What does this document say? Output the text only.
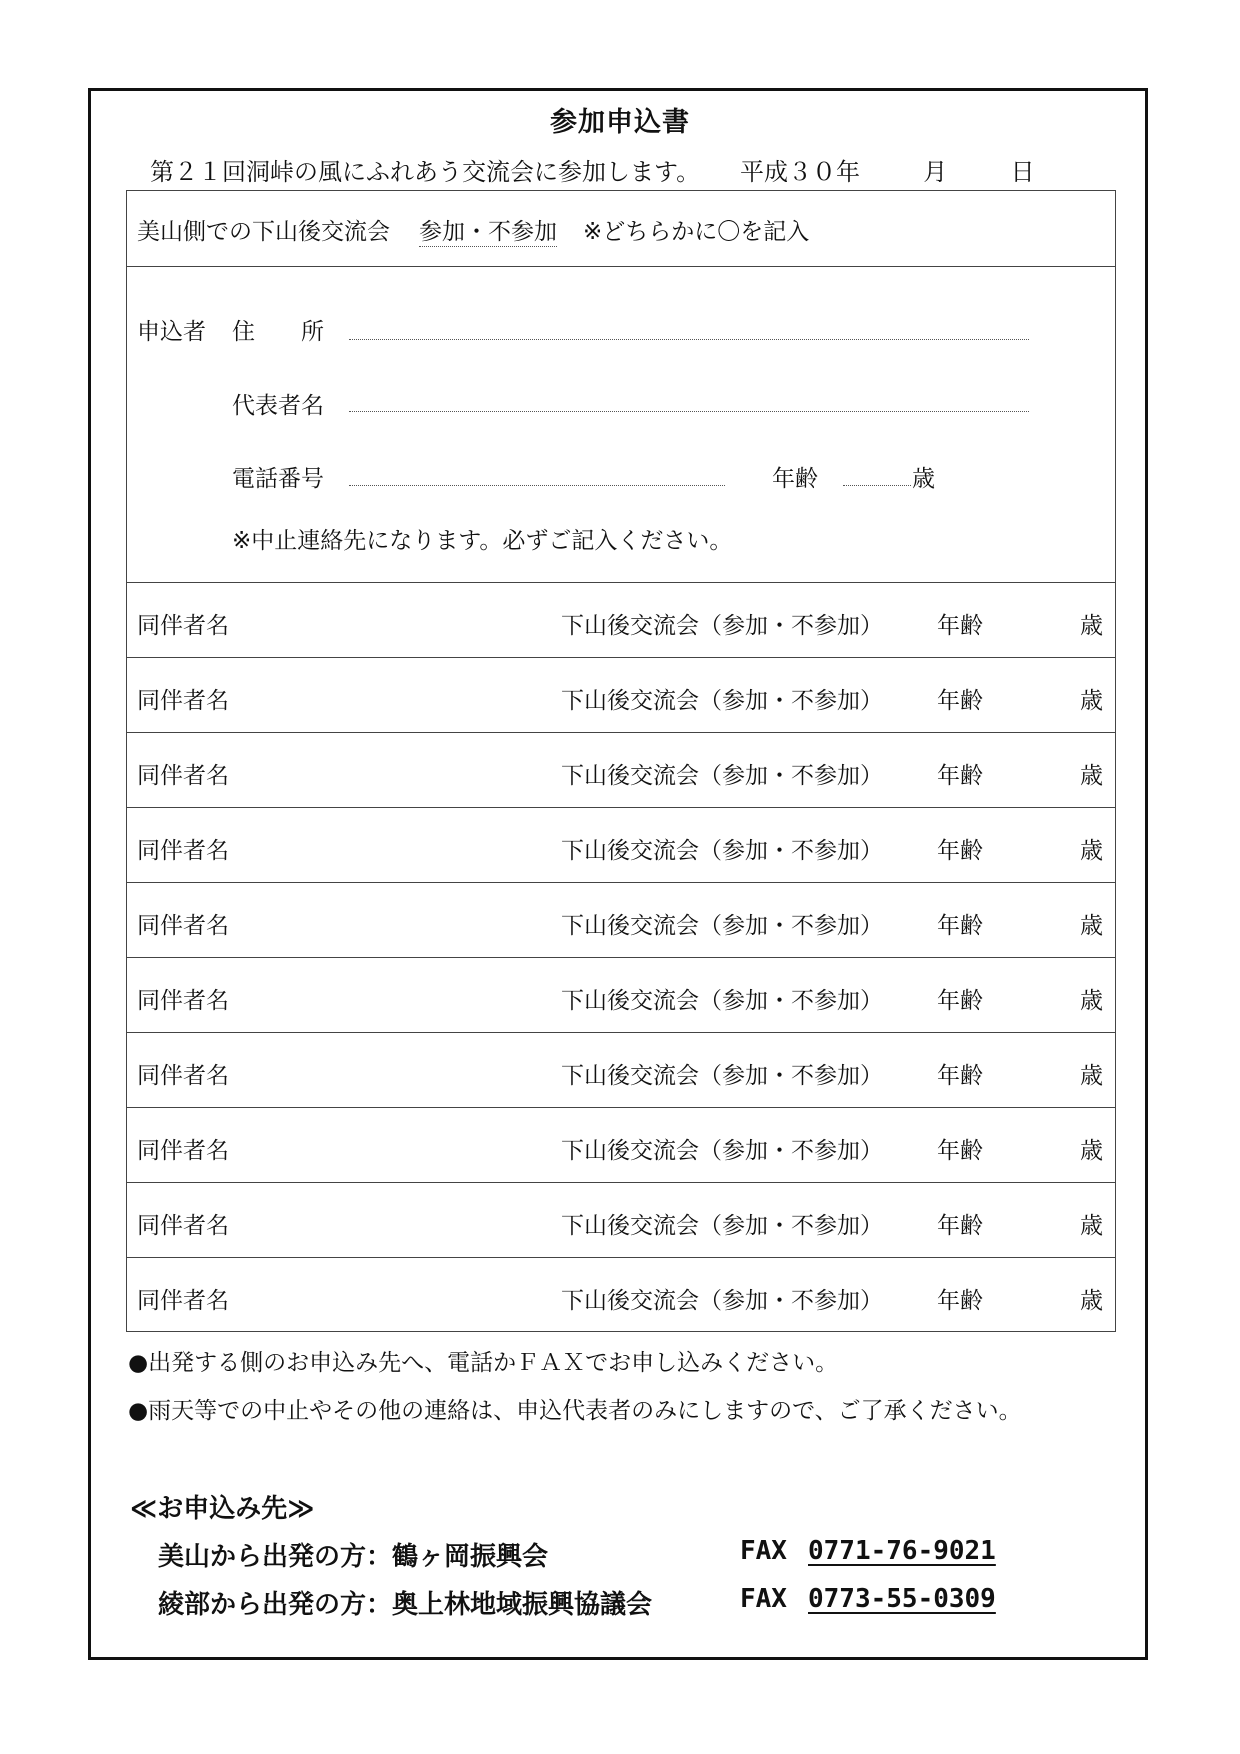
参加申込書
第２１回洞峠の風にふれあう交流会に参加します。 平成３０年	月	日
美山側での下山後交流会 参加・不参加 ※どちらかに〇を記入
申込者 住　　所
代表者名
電話番号	年齢	歳
※中止連絡先になります。必ずご記入ください。
同伴者名	下山後交流会（参加・不参加） 年齢	歳
同伴者名	下山後交流会（参加・不参加） 年齢	歳
同伴者名	下山後交流会（参加・不参加） 年齢	歳
同伴者名	下山後交流会（参加・不参加） 年齢	歳
同伴者名	下山後交流会（参加・不参加） 年齢	歳
同伴者名	下山後交流会（参加・不参加） 年齢	歳
同伴者名	下山後交流会（参加・不参加） 年齢	歳
同伴者名	下山後交流会（参加・不参加） 年齢	歳
同伴者名	下山後交流会（参加・不参加） 年齢	歳
同伴者名	下山後交流会（参加・不参加） 年齢	歳
●出発する側のお申込み先へ、電話かＦＡＸでお申し込みください。
●雨天等での中止やその他の連絡は、申込代表者のみにしますので、ご了承ください。
≪お申込み先≫
美山から出発の方：鶴ヶ岡振興会	FAX 0771-76-9021
綾部から出発の方：奥上林地域振興協議会	FAX 0773-55-0309
